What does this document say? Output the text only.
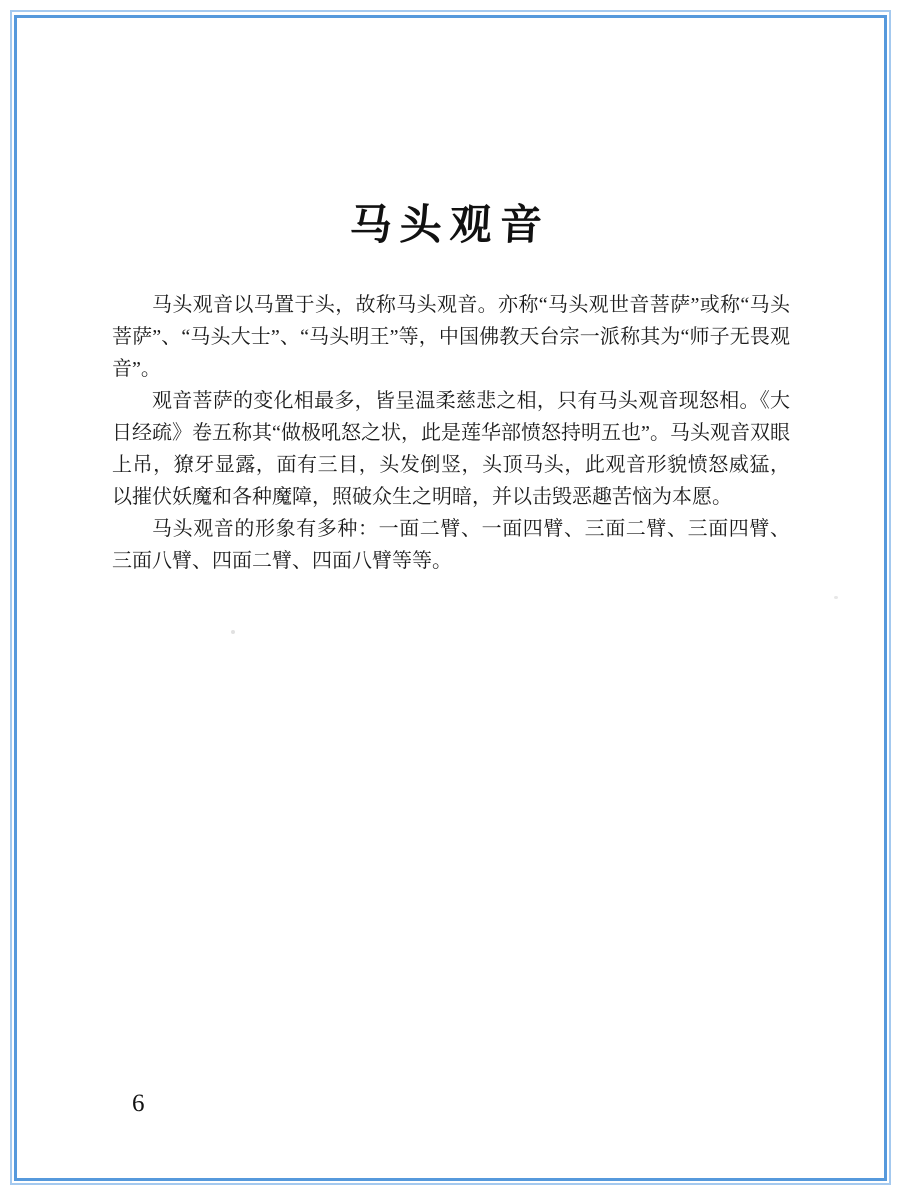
马头观音

马头观音以马置于头，故称马头观音。亦称“马头观世音菩萨”或称“马头菩萨”、“马头大士”、“马头明王”等，中国佛教天台宗一派称其为“师子无畏观音”。

观音菩萨的变化相最多，皆呈温柔慈悲之相，只有马头观音现怒相。《大日经疏》卷五称其“做极吼怒之状，此是莲华部愤怒持明五也”。马头观音双眼上吊，獠牙显露，面有三目，头发倒竖，头顶马头，此观音形貌愤怒威猛，以摧伏妖魔和各种魔障，照破众生之明暗，并以击毁恶趣苦恼为本愿。

马头观音的形象有多种：一面二臂、一面四臂、三面二臂、三面四臂、三面八臂、四面二臂、四面八臂等等。

6
